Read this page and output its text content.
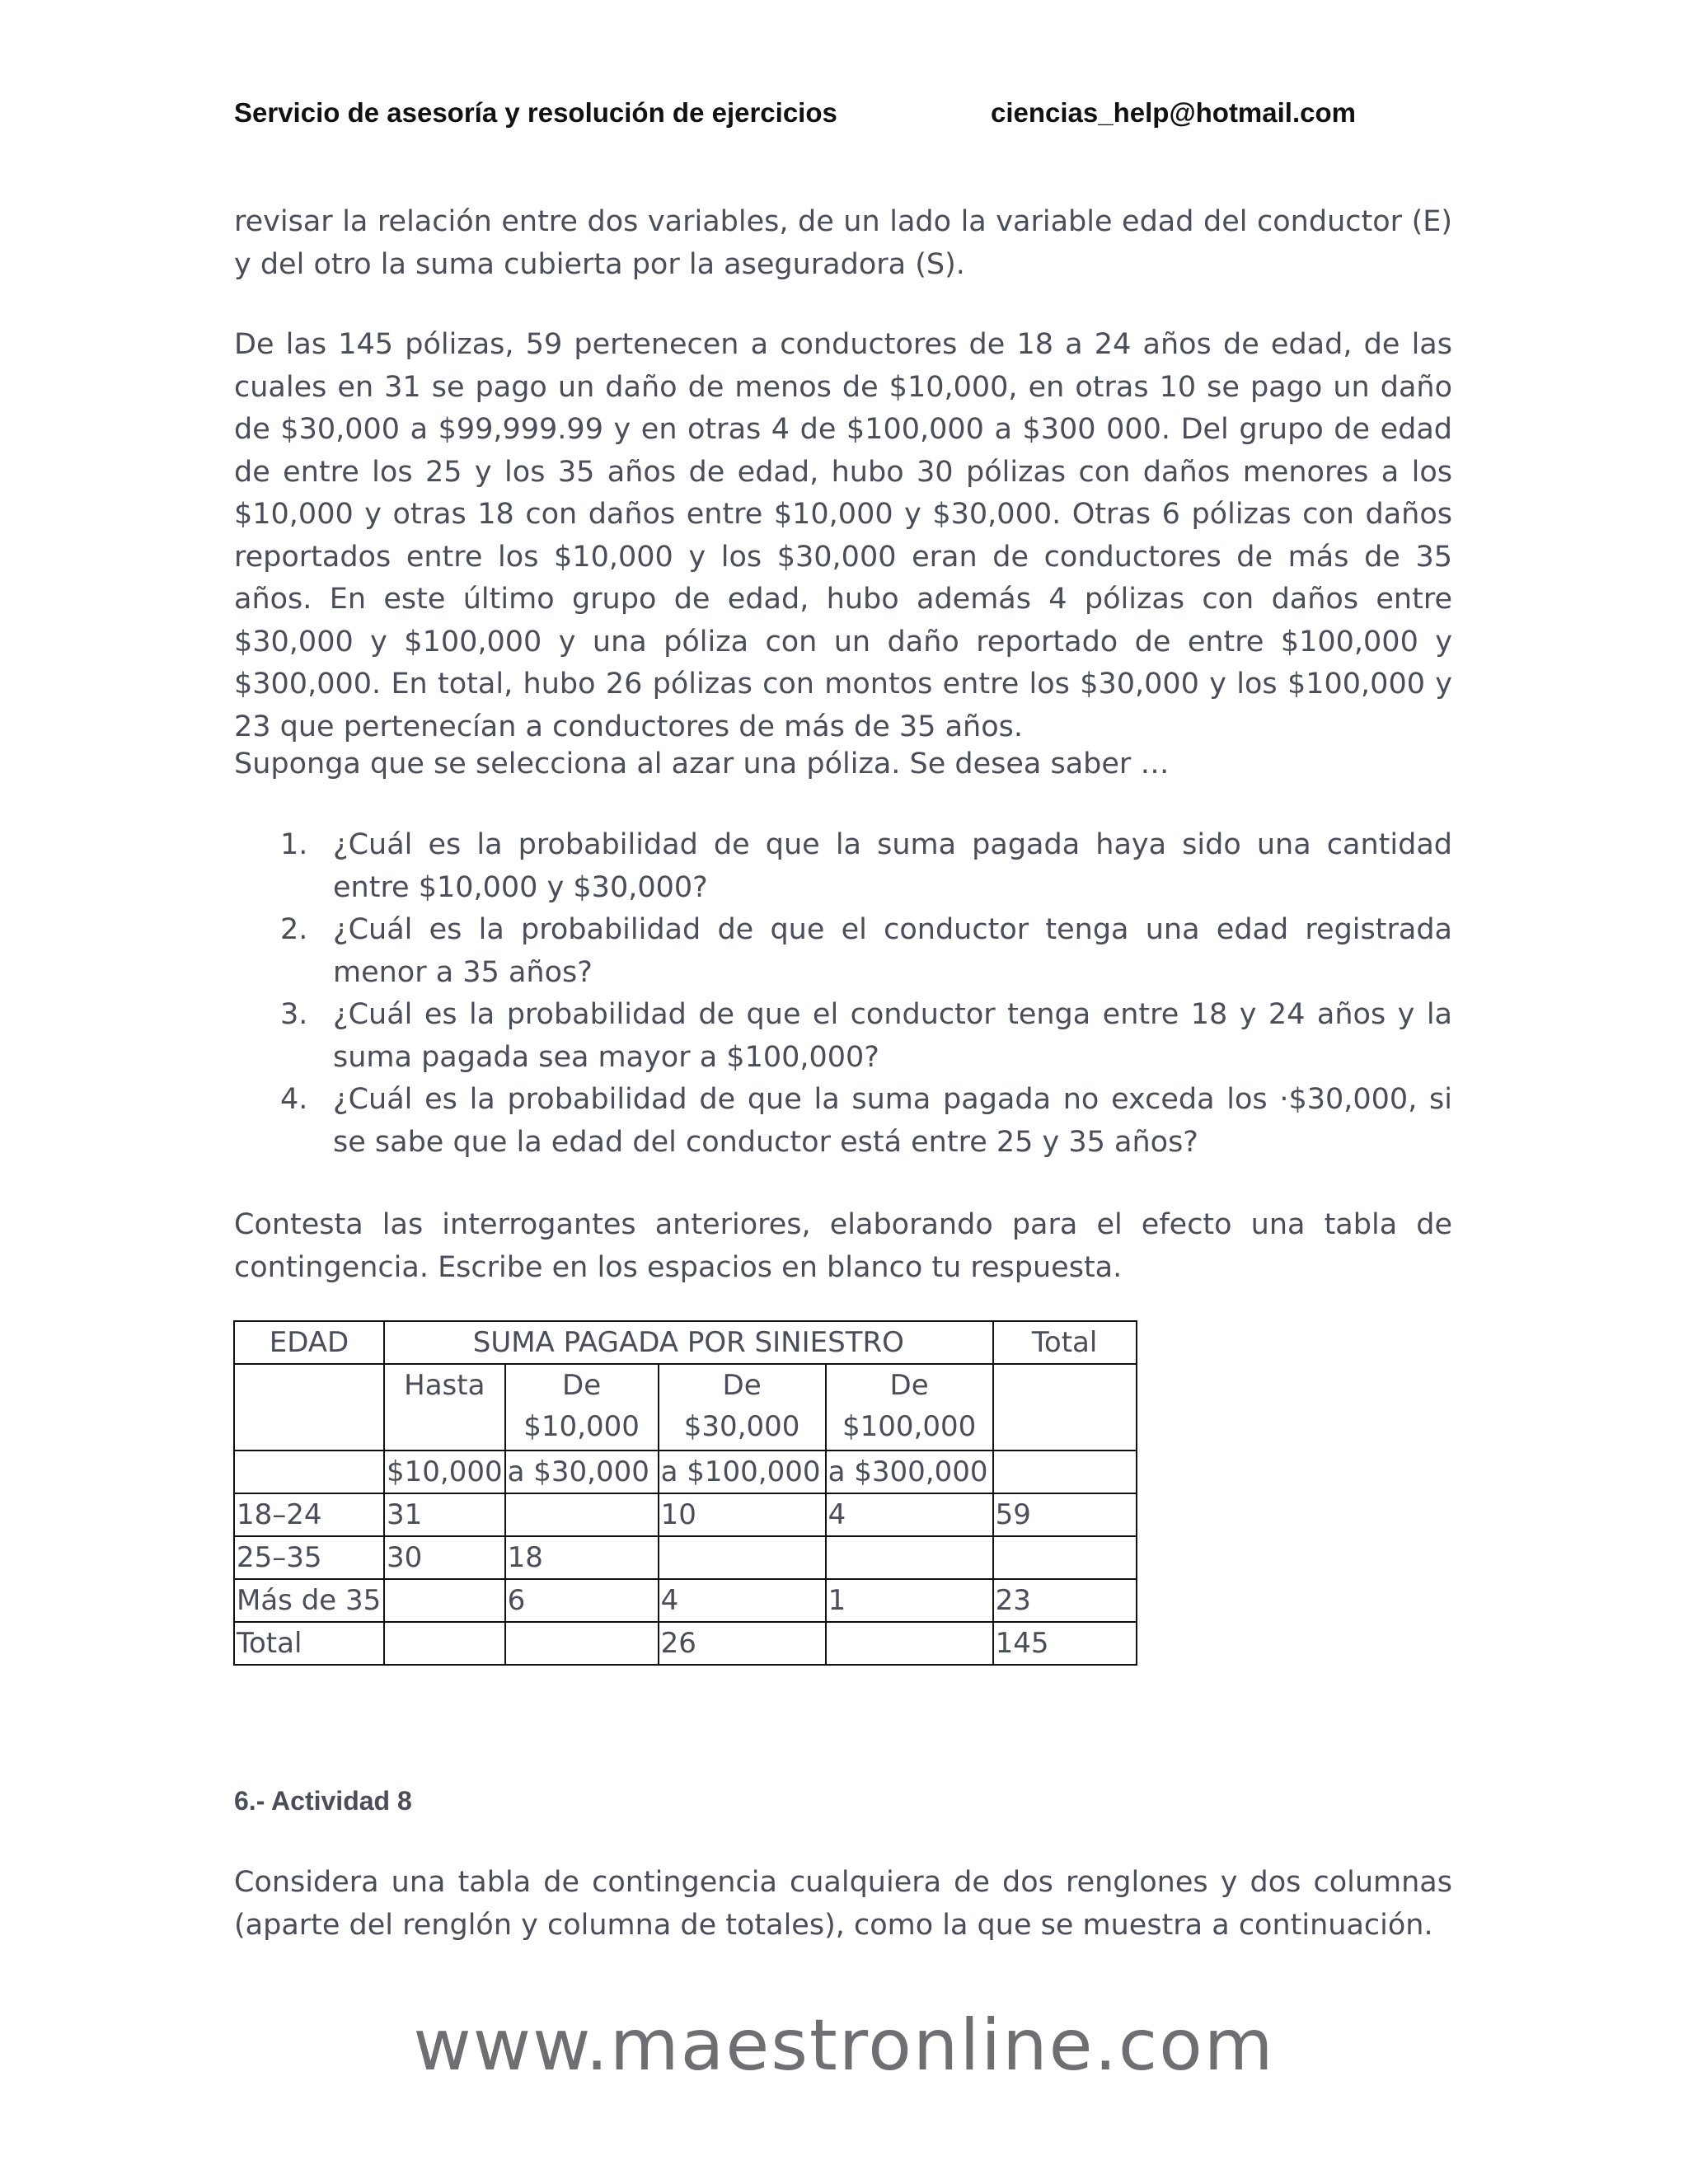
Servicio de asesoría y resolución de ejercicios	ciencias_help@hotmail.com
revisar la relación entre dos variables, de un lado la variable edad del conductor (E) y del otro la suma cubierta por la aseguradora (S).
De las 145 pólizas, 59 pertenecen a conductores de 18 a 24 años de edad, de las cuales en 31 se pago un daño de menos de $10,000, en otras 10 se pago un daño de $30,000 a $99,999.99 y en otras 4 de $100,000 a $300 000. Del grupo de edad de entre los 25 y los 35 años de edad, hubo 30 pólizas con daños menores a los $10,000 y otras 18 con daños entre $10,000 y $30,000. Otras 6 pólizas con daños reportados entre los $10,000 y los $30,000 eran de conductores de más de 35 años. En este último grupo de edad, hubo además 4 pólizas con daños entre $30,000 y $100,000 y una póliza con un daño reportado de entre $100,000 y $300,000. En total, hubo 26 pólizas con montos entre los $30,000 y los $100,000 y 23 que pertenecían a conductores de más de 35 años.
Suponga que se selecciona al azar una póliza. Se desea saber …
1. ¿Cuál es la probabilidad de que la suma pagada haya sido una cantidad entre $10,000 y $30,000?
2. ¿Cuál es la probabilidad de que el conductor tenga una edad registrada menor a 35 años?
3. ¿Cuál es la probabilidad de que el conductor tenga entre 18 y 24 años y la suma pagada sea mayor a $100,000?
4. ¿Cuál es la probabilidad de que la suma pagada no exceda los ·$30,000, si se sabe que la edad del conductor está entre 25 y 35 años?
Contesta las interrogantes anteriores, elaborando para el efecto una tabla de contingencia. Escribe en los espacios en blanco tu respuesta.
EDAD	SUMA PAGADA POR SINIESTRO				Total
	Hasta	De $10,000	De $30,000	De $100,000	
	$10,000	a $30,000	a $100,000	a $300,000	
18–24	31		10	4	59
25–35	30	18			
Más de 35		6	4	1	23
Total			26		145
6.- Actividad 8
Considera una tabla de contingencia cualquiera de dos renglones y dos columnas (aparte del renglón y columna de totales), como la que se muestra a continuación.
www.maestronline.com
